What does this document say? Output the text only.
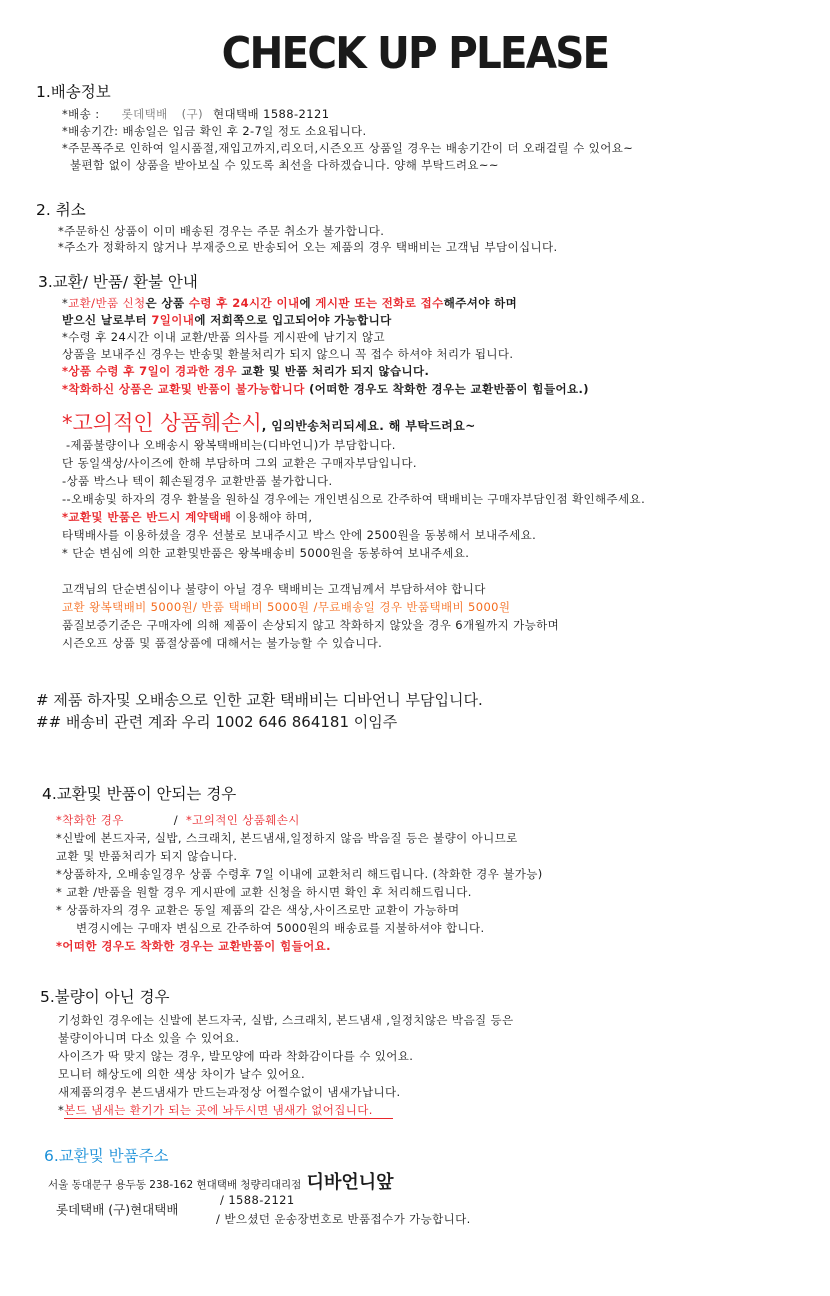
CHECK UP PLEASE
1.배송정보
*배송 : 롯데택배 (구) 현대택배 1588-2121
*배송기간: 배송일은 입금 확인 후 2-7일 정도 소요됩니다.
*주문폭주로 인하여 일시품절,재입고까지,리오더,시즌오프 상품일 경우는 배송기간이 더 오래걸릴 수 있어요~
불편함 없이 상품을 받아보실 수 있도록 최선을 다하겠습니다. 양해 부탁드려요~~
2. 취소
*주문하신 상품이 이미 배송된 경우는 주문 취소가 불가합니다.
*주소가 정확하지 않거나 부재중으로 반송되어 오는 제품의 경우 택배비는 고객님 부담이십니다.
3.교환/ 반품/ 환불 안내
*교환/반품 신청은 상품 수령 후 24시간 이내에 게시판 또는 전화로 접수해주셔야 하며
받으신 날로부터 7일이내에 저희쪽으로 입고되어야 가능합니다
*수령 후 24시간 이내 교환/반품 의사를 게시판에 남기지 않고
상품을 보내주신 경우는 반송및 환불처리가 되지 않으니 꼭 접수 하셔야 처리가 됩니다.
*상품 수령 후 7일이 경과한 경우 교환 및 반품 처리가 되지 않습니다.
*착화하신 상품은 교환및 반품이 불가능합니다 (어떠한 경우도 착화한 경우는 교환반품이 힘들어요.)
*고의적인 상품훼손시, 임의반송처리되세요. 해 부탁드려요~
-제품불량이나 오배송시 왕복택배비는(디바언니)가 부담합니다.
단 동일색상/사이즈에 한해 부담하며 그외 교환은 구매자부담입니다.
-상품 박스나 텍이 훼손될경우 교환반품 불가합니다.
--오배송및 하자의 경우 환불을 원하실 경우에는 개인변심으로 간주하여 택배비는 구매자부담인점 확인해주세요.
*교환및 반품은 반드시 계약택배 이용해야 하며,
타택배사를 이용하셨을 경우 선불로 보내주시고 박스 안에 2500원을 동봉해서 보내주세요.
* 단순 변심에 의한 교환및반품은 왕복배송비 5000원을 동봉하여 보내주세요.
고객님의 단순변심이나 불량이 아닐 경우 택배비는 고객님께서 부담하셔야 합니다
교환 왕복택배비 5000원/ 반품 택배비 5000원 /무료배송일 경우 반품택배비 5000원
품질보증기준은 구매자에 의해 제품이 손상되지 않고 착화하지 않았을 경우 6개월까지 가능하며
시즌오프 상품 및 품절상품에 대해서는 불가능할 수 있습니다.
# 제품 하자및 오배송으로 인한 교환 택배비는 디바언니 부담입니다.
## 배송비 관련 계좌 우리 1002 646 864181 이임주
4.교환및 반품이 안되는 경우
*착화한 경우	/ *고의적인 상품훼손시
*신발에 본드자국, 실밥, 스크래치, 본드냄새,일정하지 않음 박음질 등은 불량이 아니므로
교환 및 반품처리가 되지 않습니다.
*상품하자, 오배송일경우 상품 수령후 7일 이내에 교환처리 해드립니다. (착화한 경우 불가능)
* 교환 /반품을 원할 경우 게시판에 교환 신청을 하시면 확인 후 처리해드립니다.
* 상품하자의 경우 교환은 동일 제품의 같은 색상,사이즈로만 교환이 가능하며
변경시에는 구매자 변심으로 간주하여 5000원의 배송료를 지불하셔야 합니다.
*어떠한 경우도 착화한 경우는 교환반품이 힘들어요.
5.불량이 아닌 경우
기성화인 경우에는 신발에 본드자국, 실밥, 스크래치, 본드냄새 ,일정치않은 박음질 등은
불량이아니며 다소 있을 수 있어요.
사이즈가 딱 맞지 않는 경우, 발모양에 따라 착화감이다를 수 있어요.
모니터 해상도에 의한 색상 차이가 날수 있어요.
새제품의경우 본드냄새가 만드는과정상 어쩔수없이 냄새가납니다.
*본드 냄새는 환기가 되는 곳에 놔두시면 냄새가 없어집니다.
6.교환및 반품주소
서울 동대문구 용두동 238-162 현대택배 청량리대리점 디바언니앞
롯데택배 (구)현대택배
/ 1588-2121
/ 받으셨던 운송장번호로 반품접수가 가능합니다.
